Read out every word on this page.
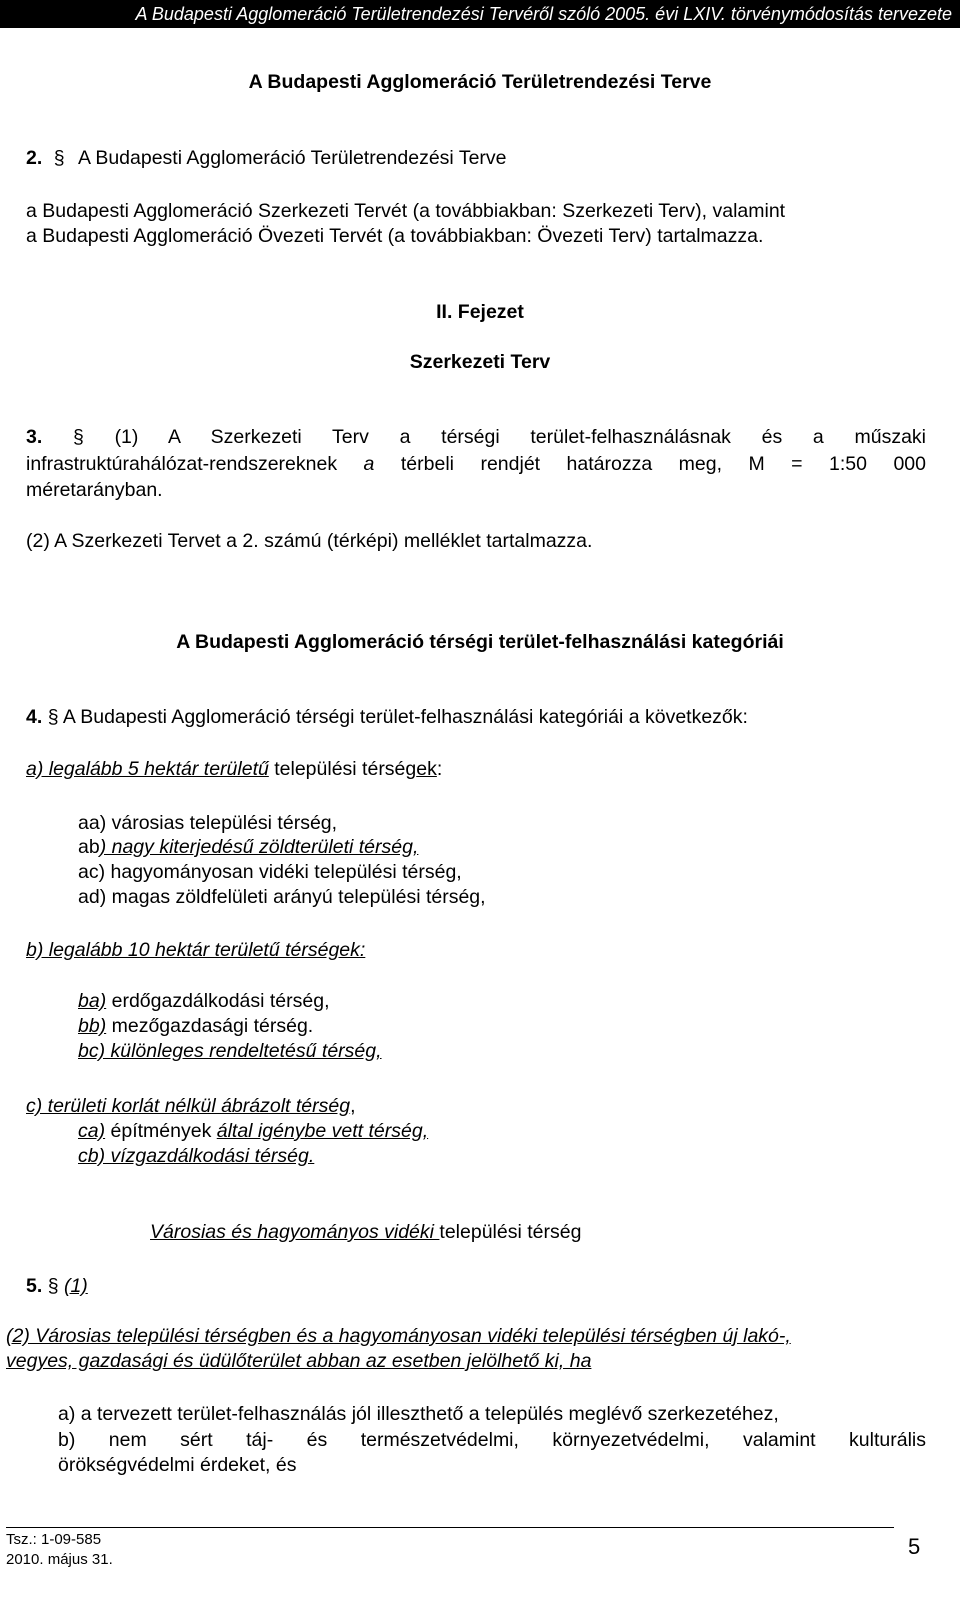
A Budapesti Agglomeráció Területrendezési Tervéről szóló 2005. évi LXIV. törvénymódosítás tervezete
A Budapesti Agglomeráció Területrendezési Terve
2. § A Budapesti Agglomeráció Területrendezési Terve
a Budapesti Agglomeráció Szerkezeti Tervét (a továbbiakban: Szerkezeti Terv), valamint
a Budapesti Agglomeráció Övezeti Tervét (a továbbiakban: Övezeti Terv) tartalmazza.
II. Fejezet
Szerkezeti Terv
3. § (1) A Szerkezeti Terv a térségi terület-felhasználásnak és a műszaki
infrastruktúrahálózat-rendszereknek a térbeli rendjét határozza meg, M = 1:50 000
méretarányban.
(2) A Szerkezeti Tervet a 2. számú (térképi) melléklet tartalmazza.
A Budapesti Agglomeráció térségi terület-felhasználási kategóriái
4. § A Budapesti Agglomeráció térségi terület-felhasználási kategóriái a következők:
a) legalább 5 hektár területű települési térségek:
aa) városias települési térség,
ab) nagy kiterjedésű zöldterületi térség,
ac) hagyományosan vidéki települési térség,
ad) magas zöldfelületi arányú települési térség,
b) legalább 10 hektár területű térségek:
ba) erdőgazdálkodási térség,
bb) mezőgazdasági térség.
bc) különleges rendeltetésű térség,
c) területi korlát nélkül ábrázolt térség,
ca) építmények által igénybe vett térség,
cb) vízgazdálkodási térség.
Városias és hagyományos vidéki települési térség
5. § (1)
(2) Városias települési térségben és a hagyományosan vidéki települési térségben új lakó-,
vegyes, gazdasági és üdülőterület abban az esetben jelölhető ki, ha
a) a tervezett terület-felhasználás jól illeszthető a település meglévő szerkezetéhez,
b) nem sért táj- és természetvédelmi, környezetvédelmi, valamint kulturális
örökségvédelmi érdeket, és
Tsz.: 1-09-585
2010. május 31.
5
